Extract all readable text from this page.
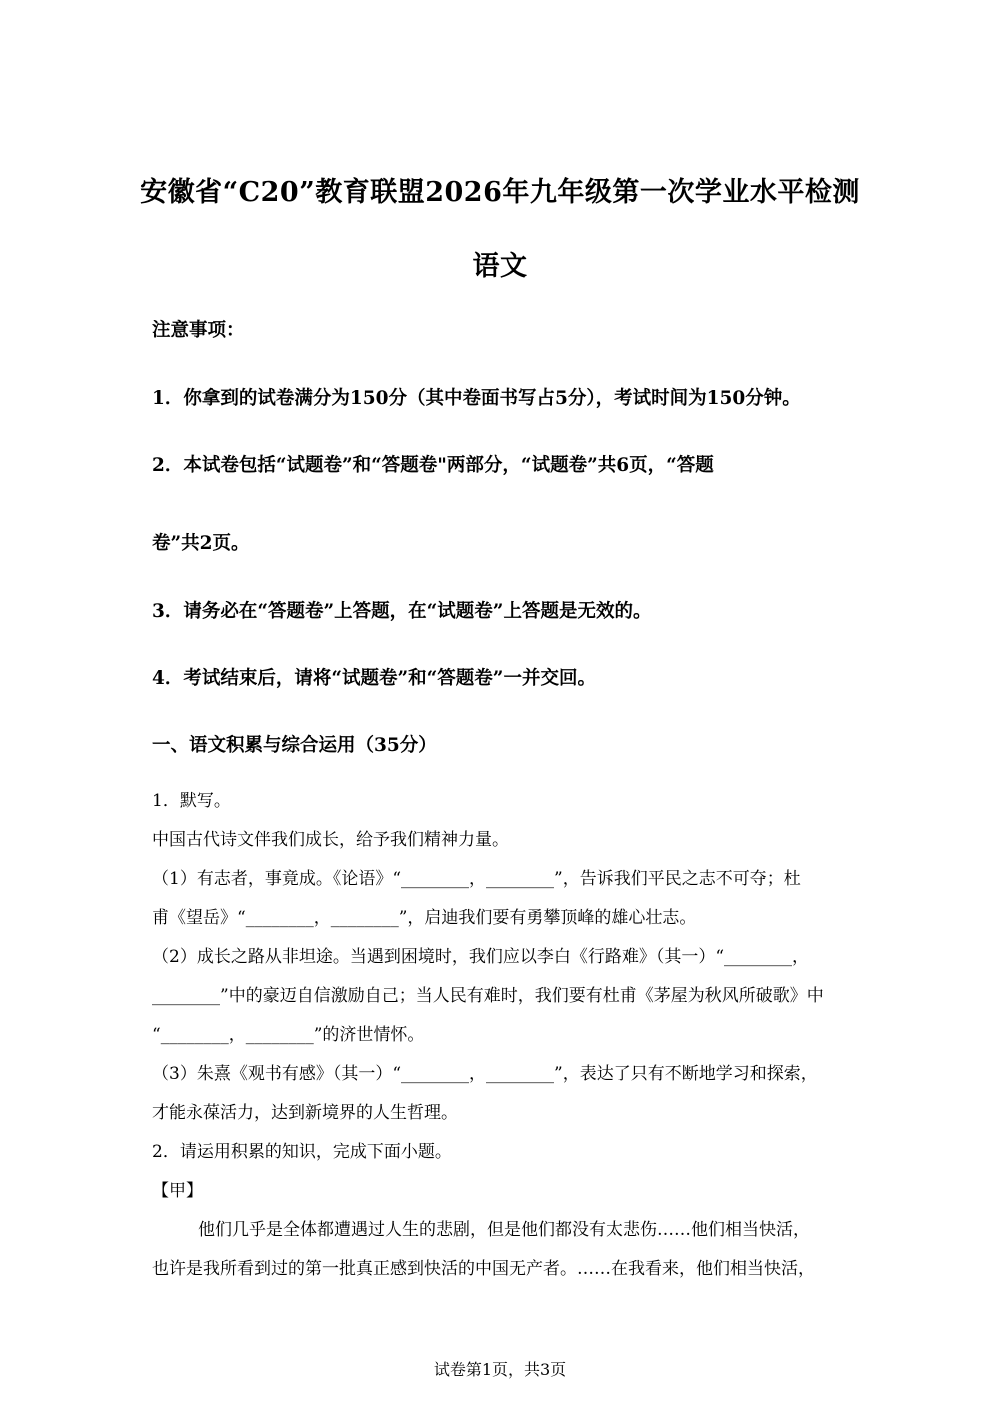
安徽省“C20”教育联盟2026年九年级第一次学业水平检测
语文
注意事项：
1．你拿到的试卷满分为150分（其中卷面书写占5分），考试时间为150分钟。
2．本试卷包括“试题卷”和“答题卷"两部分，“试题卷”共6页，“答题
卷”共2页。
3．请务必在“答题卷”上答题，在“试题卷”上答题是无效的。
4．考试结束后，请将“试题卷”和“答题卷”一并交回。
一、语文积累与综合运用（35分）
1．默写。
中国古代诗文伴我们成长，给予我们精神力量。
（1）有志者，事竟成。《论语》“________，________”，告诉我们平民之志不可夺；杜
甫《望岳》“________，________”，启迪我们要有勇攀顶峰的雄心壮志。
（2）成长之路从非坦途。当遇到困境时，我们应以李白《行路难》（其一）“________，
________”中的豪迈自信激励自己；当人民有难时，我们要有杜甫《茅屋为秋风所破歌》中
“________，________”的济世情怀。
（3）朱熹《观书有感》（其一）“________，________”，表达了只有不断地学习和探索，
才能永葆活力，达到新境界的人生哲理。
2．请运用积累的知识，完成下面小题。
【甲】
他们几乎是全体都遭遇过人生的悲剧，但是他们都没有太悲伤……他们相当快活，
也许是我所看到过的第一批真正感到快活的中国无产者。……在我看来，他们相当快活，
试卷第1页，共3页
